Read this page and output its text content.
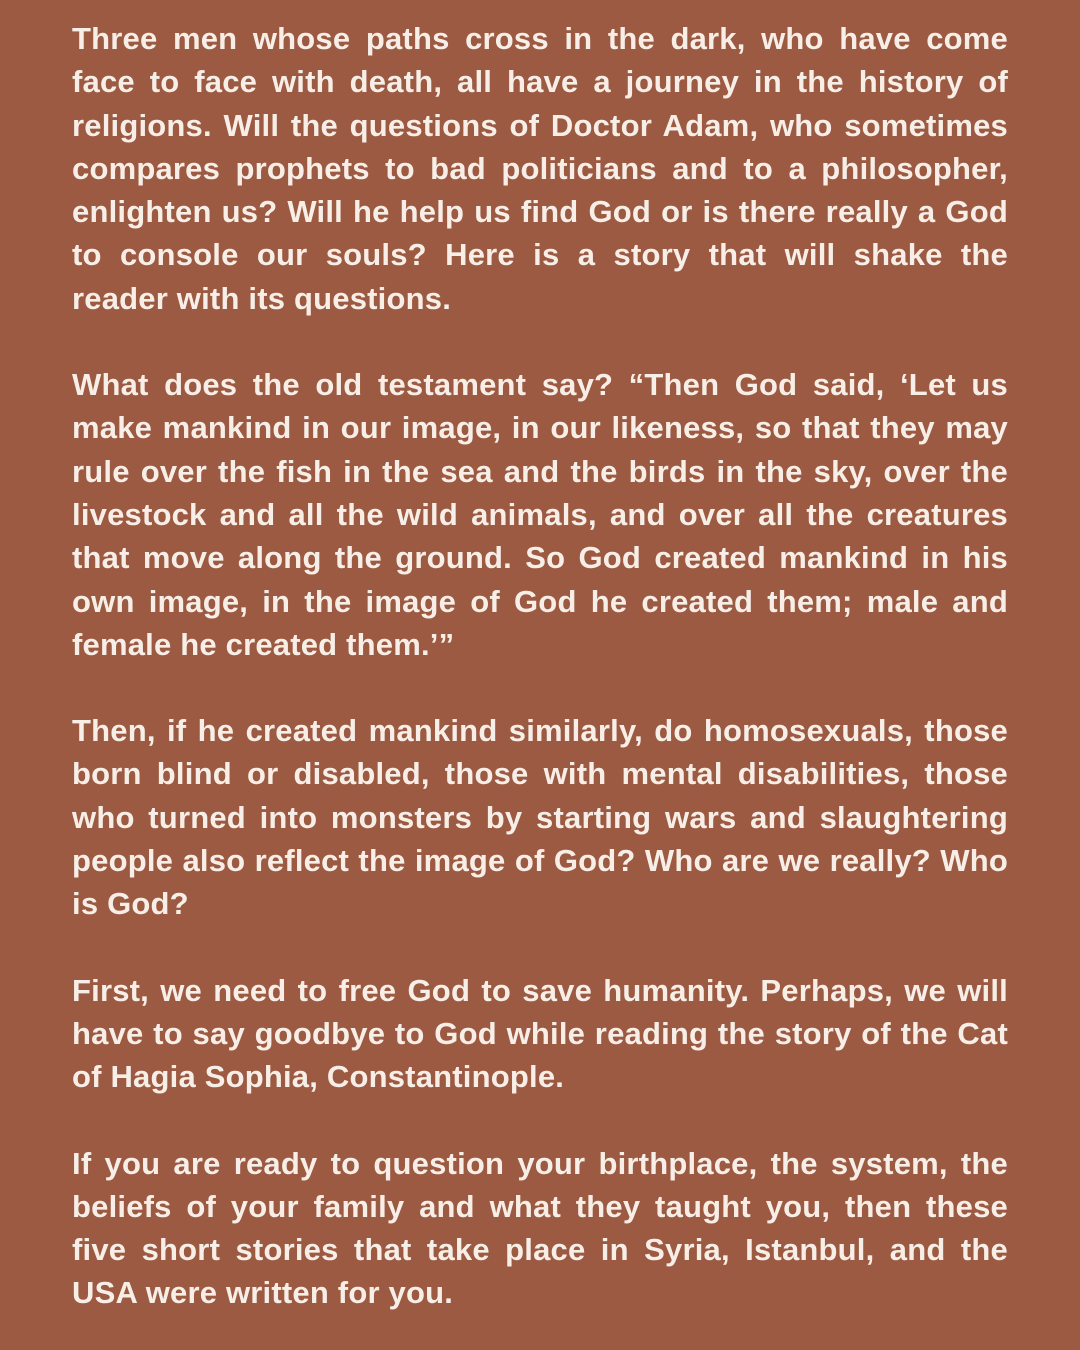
Three men whose paths cross in the dark, who have come face to face with death, all have a journey in the history of religions. Will the questions of Doctor Adam, who sometimes compares prophets to bad politicians and to a philosopher, enlighten us? Will he help us find God or is there really a God to console our souls? Here is a story that will shake the reader with its questions.

What does the old testament say? “Then God said, ‘Let us make mankind in our image, in our likeness, so that they may rule over the fish in the sea and the birds in the sky, over the livestock and all the wild animals, and over all the creatures that move along the ground. So God created mankind in his own image, in the image of God he created them; male and female he created them.’”

Then, if he created mankind similarly, do homosexuals, those born blind or disabled, those with mental disabilities, those who turned into monsters by starting wars and slaughtering people also reflect the image of God? Who are we really? Who is God?

First, we need to free God to save humanity. Perhaps, we will have to say goodbye to God while reading the story of the Cat of Hagia Sophia, Constantinople.

If you are ready to question your birthplace, the system, the beliefs of your family and what they taught you, then these five short stories that take place in Syria, Istanbul, and the USA were written for you.
